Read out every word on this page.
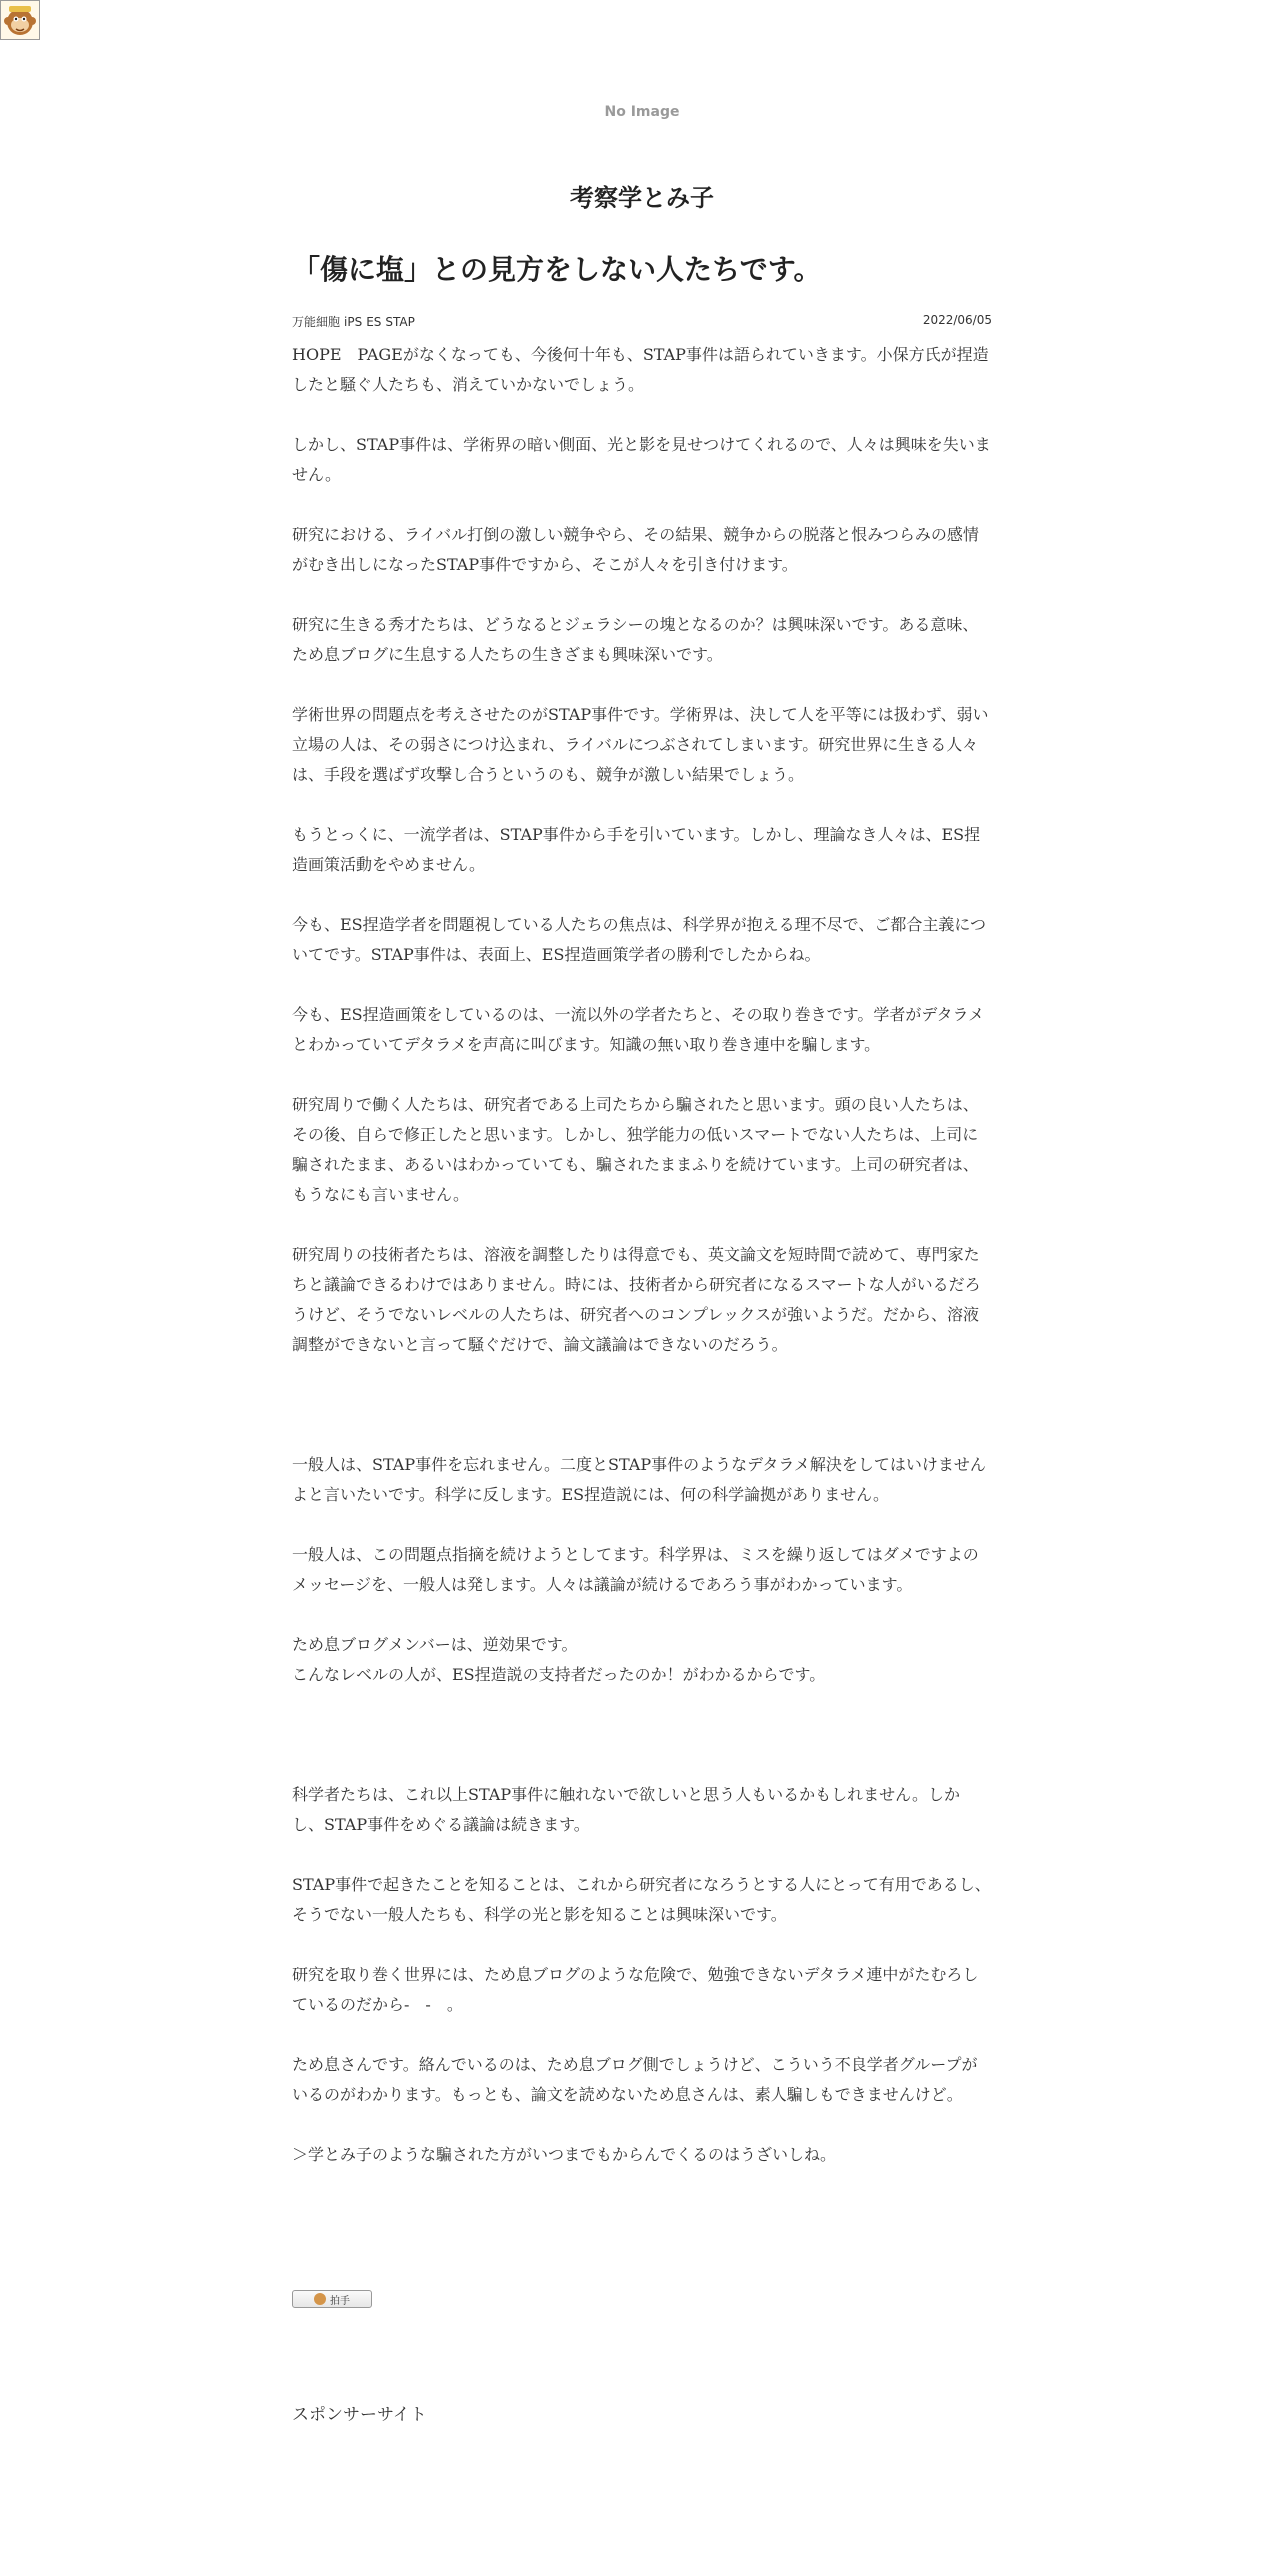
No Image
考察学とみ子
「傷に塩」との見方をしない人たちです。
万能細胞 iPS ES STAP	2022/06/05

HOPE　PAGEがなくなっても、今後何十年も、STAP事件は語られていきます。小保方氏が捏造したと騒ぐ人たちも、消えていかないでしょう。

しかし、STAP事件は、学術界の暗い側面、光と影を見せつけてくれるので、人々は興味を失いません。

研究における、ライバル打倒の激しい競争やら、その結果、競争からの脱落と恨みつらみの感情がむき出しになったSTAP事件ですから、そこが人々を引き付けます。

研究に生きる秀才たちは、どうなるとジェラシーの塊となるのか？は興味深いです。ある意味、ため息ブログに生息する人たちの生きざまも興味深いです。

学術世界の問題点を考えさせたのがSTAP事件です。学術界は、決して人を平等には扱わず、弱い立場の人は、その弱さにつけ込まれ、ライバルにつぶされてしまいます。研究世界に生きる人々は、手段を選ばず攻撃し合うというのも、競争が激しい結果でしょう。

もうとっくに、一流学者は、STAP事件から手を引いています。しかし、理論なき人々は、ES捏造画策活動をやめません。

今も、ES捏造学者を問題視している人たちの焦点は、科学界が抱える理不尽で、ご都合主義についてです。STAP事件は、表面上、ES捏造画策学者の勝利でしたからね。

今も、ES捏造画策をしているのは、一流以外の学者たちと、その取り巻きです。学者がデタラメとわかっていてデタラメを声高に叫びます。知識の無い取り巻き連中を騙します。

研究周りで働く人たちは、研究者である上司たちから騙されたと思います。頭の良い人たちは、その後、自らで修正したと思います。しかし、独学能力の低いスマートでない人たちは、上司に騙されたまま、あるいはわかっていても、騙されたままふりを続けています。上司の研究者は、もうなにも言いません。

研究周りの技術者たちは、溶液を調整したりは得意でも、英文論文を短時間で読めて、専門家たちと議論できるわけではありません。時には、技術者から研究者になるスマートな人がいるだろうけど、そうでないレベルの人たちは、研究者へのコンプレックスが強いようだ。だから、溶液調整ができないと言って騒ぐだけで、論文議論はできないのだろう。

一般人は、STAP事件を忘れません。二度とSTAP事件のようなデタラメ解決をしてはいけませんよと言いたいです。科学に反します。ES捏造説には、何の科学論拠がありません。

一般人は、この問題点指摘を続けようとしてます。科学界は、ミスを繰り返してはダメですよのメッセージを、一般人は発します。人々は議論が続けるであろう事がわかっています。

ため息ブログメンバーは、逆効果です。

こんなレベルの人が、ES捏造説の支持者だったのか！がわかるからです。

科学者たちは、これ以上STAP事件に触れないで欲しいと思う人もいるかもしれません。しかし、STAP事件をめぐる議論は続きます。

STAP事件で起きたことを知ることは、これから研究者になろうとする人にとって有用であるし、そうでない一般人たちも、科学の光と影を知ることは興味深いです。

研究を取り巻く世界には、ため息ブログのような危険で、勉強できないデタラメ連中がたむろしているのだから-　-　。

ため息さんです。絡んでいるのは、ため息ブログ側でしょうけど、こういう不良学者グループがいるのがわかります。もっとも、論文を読めないため息さんは、素人騙しもできませんけど。

＞学とみ子のような騙された方がいつまでもからんでくるのはうざいしね。

拍手
スポンサーサイト
